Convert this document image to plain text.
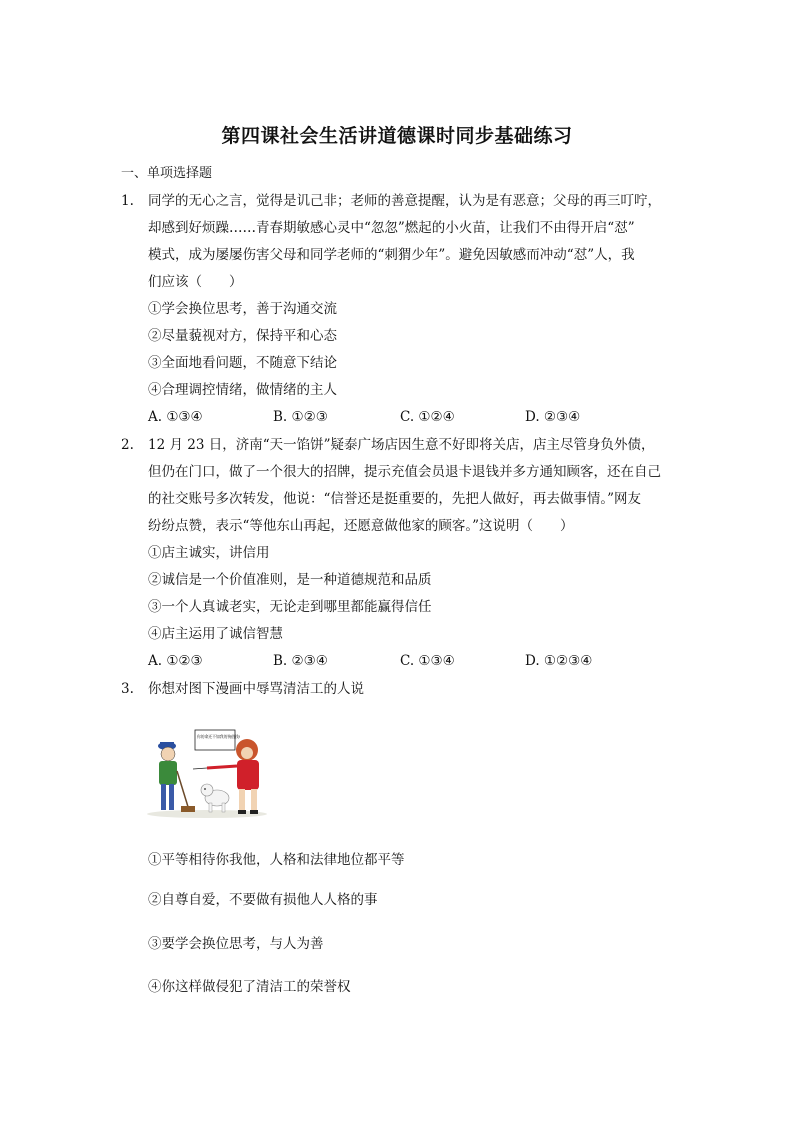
第四课社会生活讲道德课时同步基础练习
一、单项选择题
1. 同学的无心之言，觉得是讥己非；老师的善意提醒，认为是有恶意；父母的再三叮咛，
却感到好烦躁……青春期敏感心灵中“忽忽”燃起的小火苗，让我们不由得开启“怼”
模式，成为屡屡伤害父母和同学老师的“刺猬少年”。避免因敏感而冲动“怼”人，我
们应该（　　）
①学会换位思考，善于沟通交流
②尽量藐视对方，保持平和心态
③全面地看问题，不随意下结论
④合理调控情绪，做情绪的主人
A. ①③④	B. ①②③	C. ①②④	D. ②③④
2. 12 月 23 日，济南“天一馅饼”疑泰广场店因生意不好即将关店，店主尽管身负外债，
但仍在门口，做了一个很大的招牌，提示充值会员退卡退钱并多方通知顾客，还在自己
的社交账号多次转发，他说：“信誉还是挺重要的，先把人做好，再去做事情。”网友
纷纷点赞，表示“等他东山再起，还愿意做他家的顾客。”这说明（　　）
①店主诚实，讲信用
②诚信是一个价值准则，是一种道德规范和品质
③一个人真诚老实，无论走到哪里都能赢得信任
④店主运用了诚信智慧
A. ①②③	B. ②③④	C. ①③④	D. ①②③④
3. 你想对图下漫画中辱骂清洁工的人说
你的命还不如我的狗值钱!
①平等相待你我他，人格和法律地位都平等
②自尊自爱，不要做有损他人人格的事
③要学会换位思考，与人为善
④你这样做侵犯了清洁工的荣誉权
